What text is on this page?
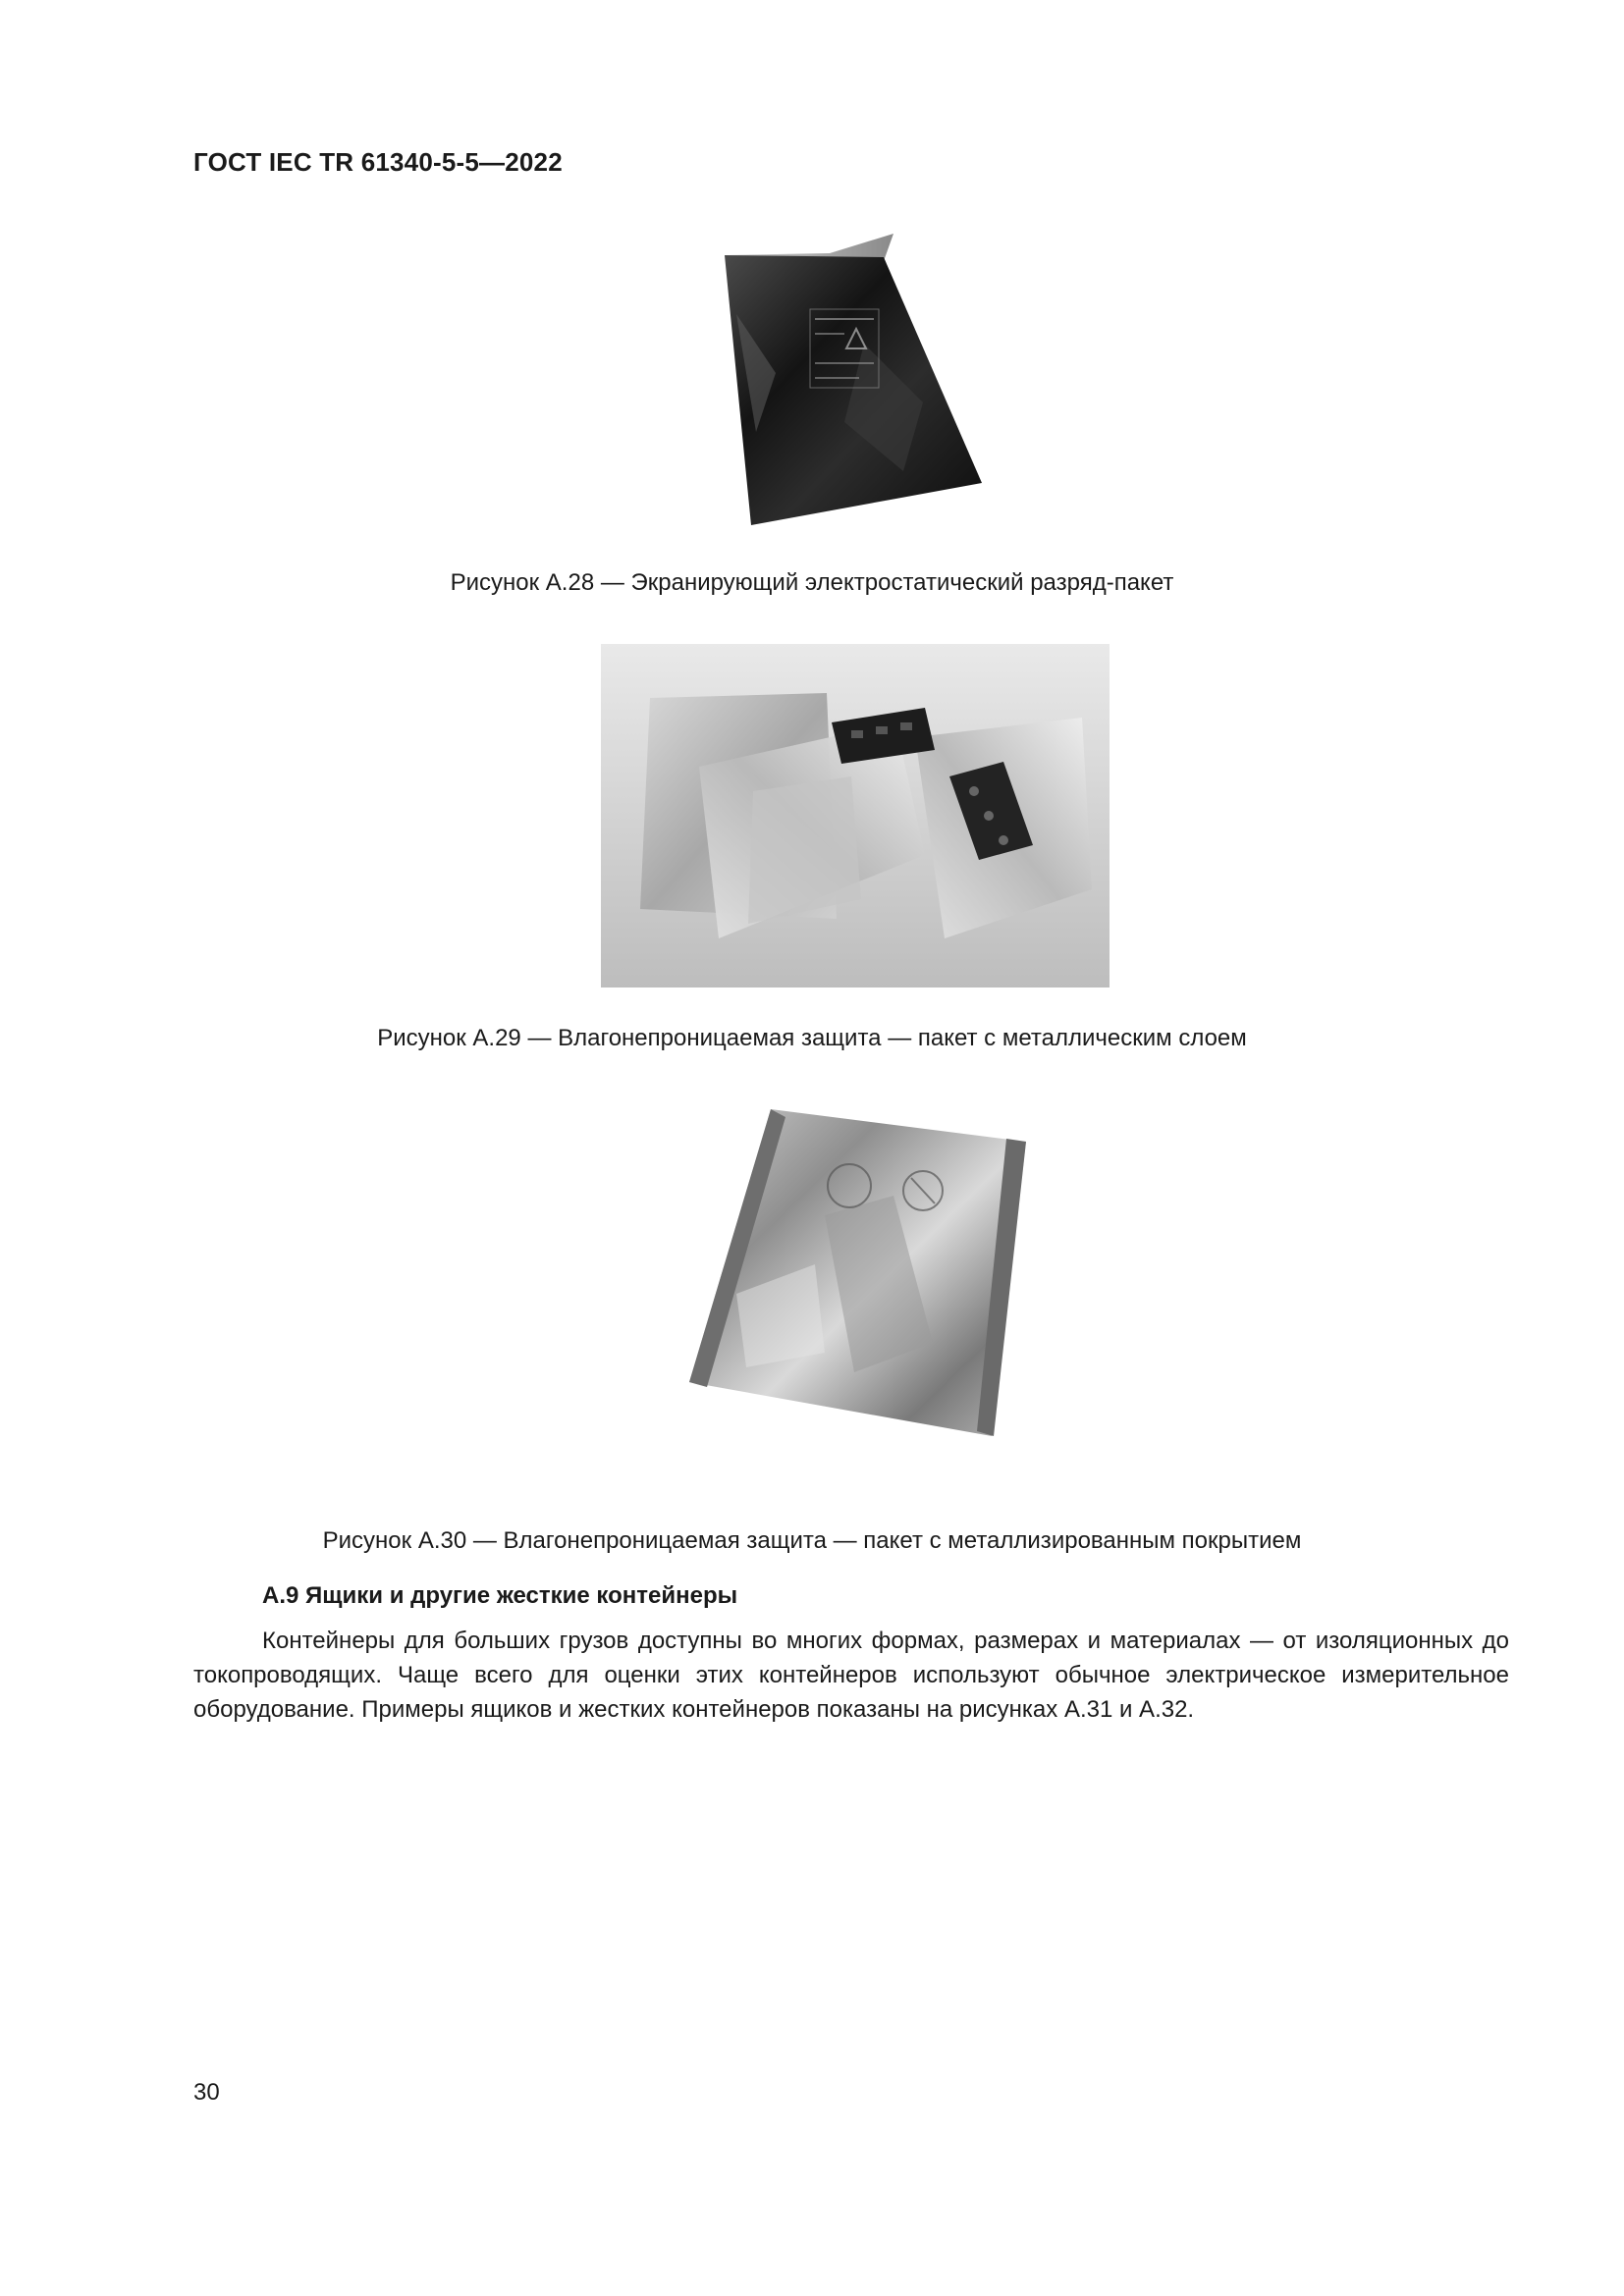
ГОСТ IEC TR 61340-5-5—2022
Рисунок А.28 — Экранирующий электростатический разряд-пакет
Рисунок А.29 — Влагонепроницаемая защита — пакет с металлическим слоем
Рисунок А.30 — Влагонепроницаемая защита — пакет с металлизированным покрытием
А.9 Ящики и другие жесткие контейнеры
Контейнеры для больших грузов доступны во многих формах, размерах и материалах — от изоляционных до токопроводящих. Чаще всего для оценки этих контейнеров используют обычное электрическое измерительное оборудование. Примеры ящиков и жестких контейнеров показаны на рисунках А.31 и А.32.
30
